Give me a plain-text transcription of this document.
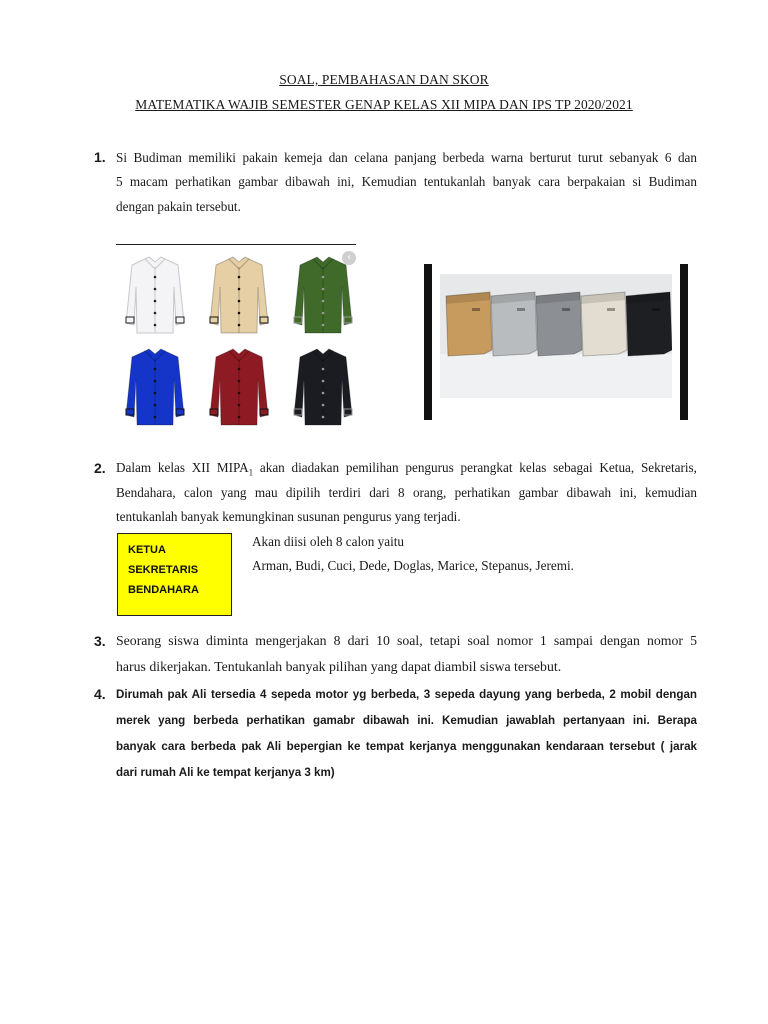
SOAL, PEMBAHASAN DAN SKOR
MATEMATIKA WAJIB SEMESTER GENAP KELAS XII MIPA DAN IPS TP 2020/2021
1. Si Budiman memiliki pakain kemeja dan celana panjang berbeda warna berturut turut sebanyak 6 dan
5 macam perhatikan gambar dibawah ini, Kemudian tentukanlah banyak cara berpakaian si Budiman
dengan pakain tersebut.
‹
2. Dalam kelas XII $MIPA_1$ akan diadakan pemilihan pengurus perangkat kelas sebagai Ketua, Sekretaris,
Bendahara, calon yang mau dipilih terdiri dari 8 orang, perhatikan gambar dibawah ini, kemudian
tentukanlah banyak kemungkinan susunan pengurus yang terjadi.
KETUA
SEKRETARIS
BENDAHARA
Akan diisi oleh 8 calon yaitu
Arman, Budi, Cuci, Dede, Doglas, Marice, Stepanus, Jeremi.
3. Seorang siswa diminta mengerjakan 8 dari 10 soal, tetapi soal nomor 1 sampai dengan nomor 5
harus dikerjakan. Tentukanlah banyak pilihan yang dapat diambil siswa tersebut.
4. Dirumah pak Ali tersedia 4 sepeda motor yg berbeda, 3 sepeda dayung yang berbeda, 2 mobil dengan
merek yang berbeda perhatikan gamabr dibawah ini. Kemudian jawablah pertanyaan ini. Berapa
banyak cara berbeda pak Ali bepergian ke tempat kerjanya menggunakan kendaraan tersebut ( jarak
dari rumah Ali ke tempat kerjanya 3 km)
